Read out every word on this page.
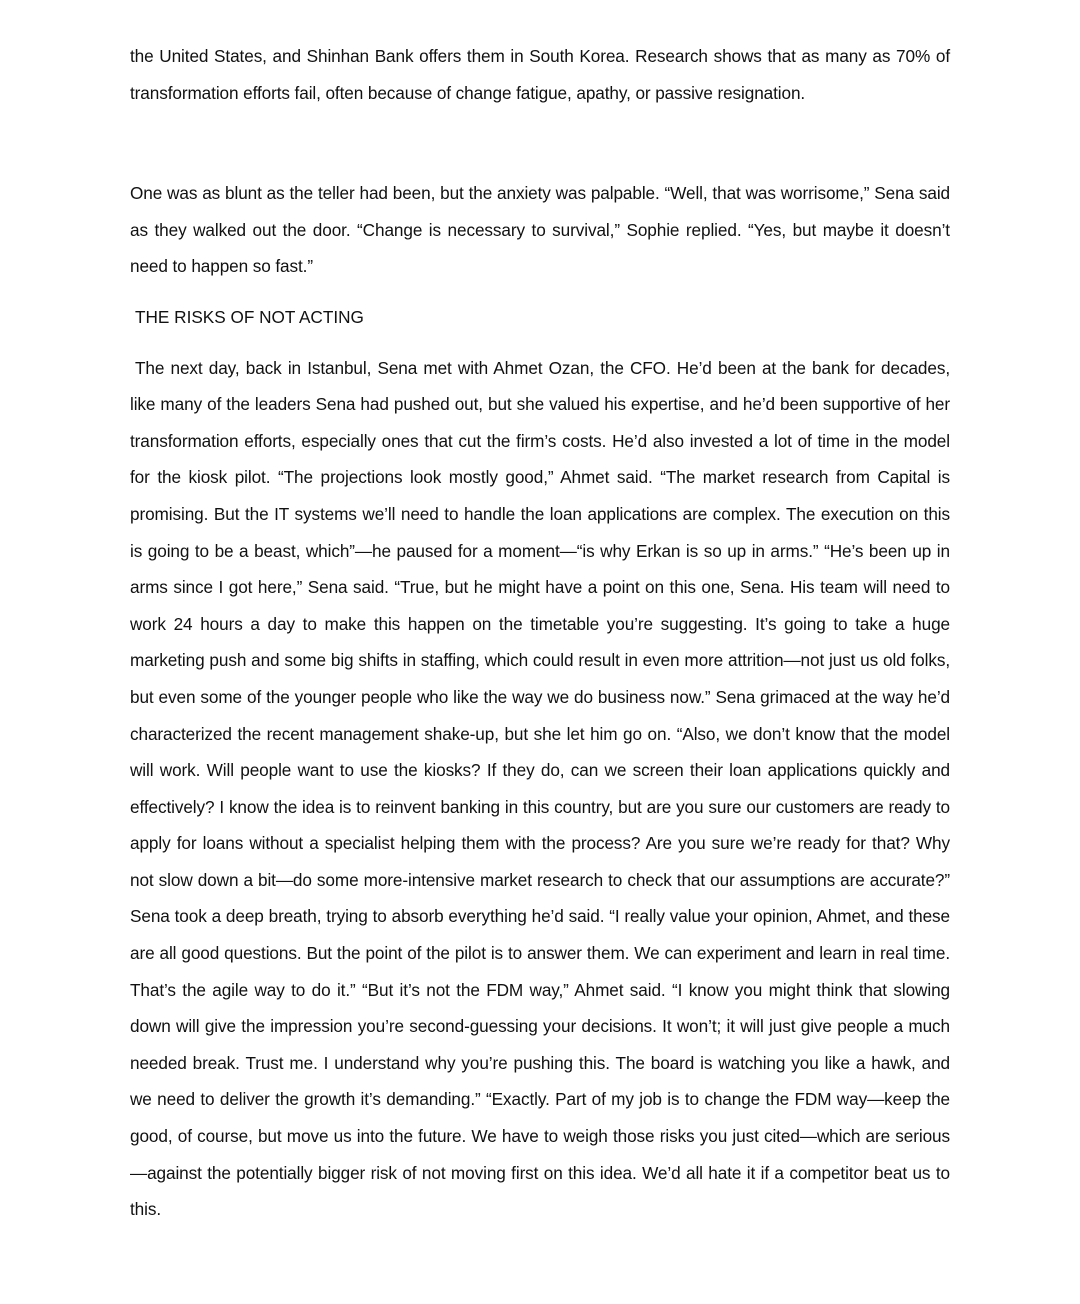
the United States, and Shinhan Bank offers them in South Korea. Research shows that as many as 70% of transformation efforts fail, often because of change fatigue, apathy, or passive resignation.

One was as blunt as the teller had been, but the anxiety was palpable. “Well, that was worrisome,” Sena said as they walked out the door. “Change is necessary to survival,” Sophie replied. “Yes, but maybe it doesn’t need to happen so fast.”

THE RISKS OF NOT ACTING

The next day, back in Istanbul, Sena met with Ahmet Ozan, the CFO. He’d been at the bank for decades, like many of the leaders Sena had pushed out, but she valued his expertise, and he’d been supportive of her transformation efforts, especially ones that cut the firm’s costs. He’d also invested a lot of time in the model for the kiosk pilot. “The projections look mostly good,” Ahmet said. “The market research from Capital is promising. But the IT systems we’ll need to handle the loan applications are complex. The execution on this is going to be a beast, which”—he paused for a moment—“is why Erkan is so up in arms.” “He’s been up in arms since I got here,” Sena said. “True, but he might have a point on this one, Sena. His team will need to work 24 hours a day to make this happen on the timetable you’re suggesting. It’s going to take a huge marketing push and some big shifts in staffing, which could result in even more attrition—not just us old folks, but even some of the younger people who like the way we do business now.” Sena grimaced at the way he’d characterized the recent management shake-up, but she let him go on. “Also, we don’t know that the model will work. Will people want to use the kiosks? If they do, can we screen their loan applications quickly and effectively? I know the idea is to reinvent banking in this country, but are you sure our customers are ready to apply for loans without a specialist helping them with the process? Are you sure we’re ready for that? Why not slow down a bit—do some more-intensive market research to check that our assumptions are accurate?” Sena took a deep breath, trying to absorb everything he’d said. “I really value your opinion, Ahmet, and these are all good questions. But the point of the pilot is to answer them. We can experiment and learn in real time. That’s the agile way to do it.” “But it’s not the FDM way,” Ahmet said. “I know you might think that slowing down will give the impression you’re second-guessing your decisions. It won’t; it will just give people a much needed break. Trust me. I understand why you’re pushing this. The board is watching you like a hawk, and we need to deliver the growth it’s demanding.” “Exactly. Part of my job is to change the FDM way—keep the good, of course, but move us into the future. We have to weigh those risks you just cited—which are serious—against the potentially bigger risk of not moving first on this idea. We’d all hate it if a competitor beat us to this.
